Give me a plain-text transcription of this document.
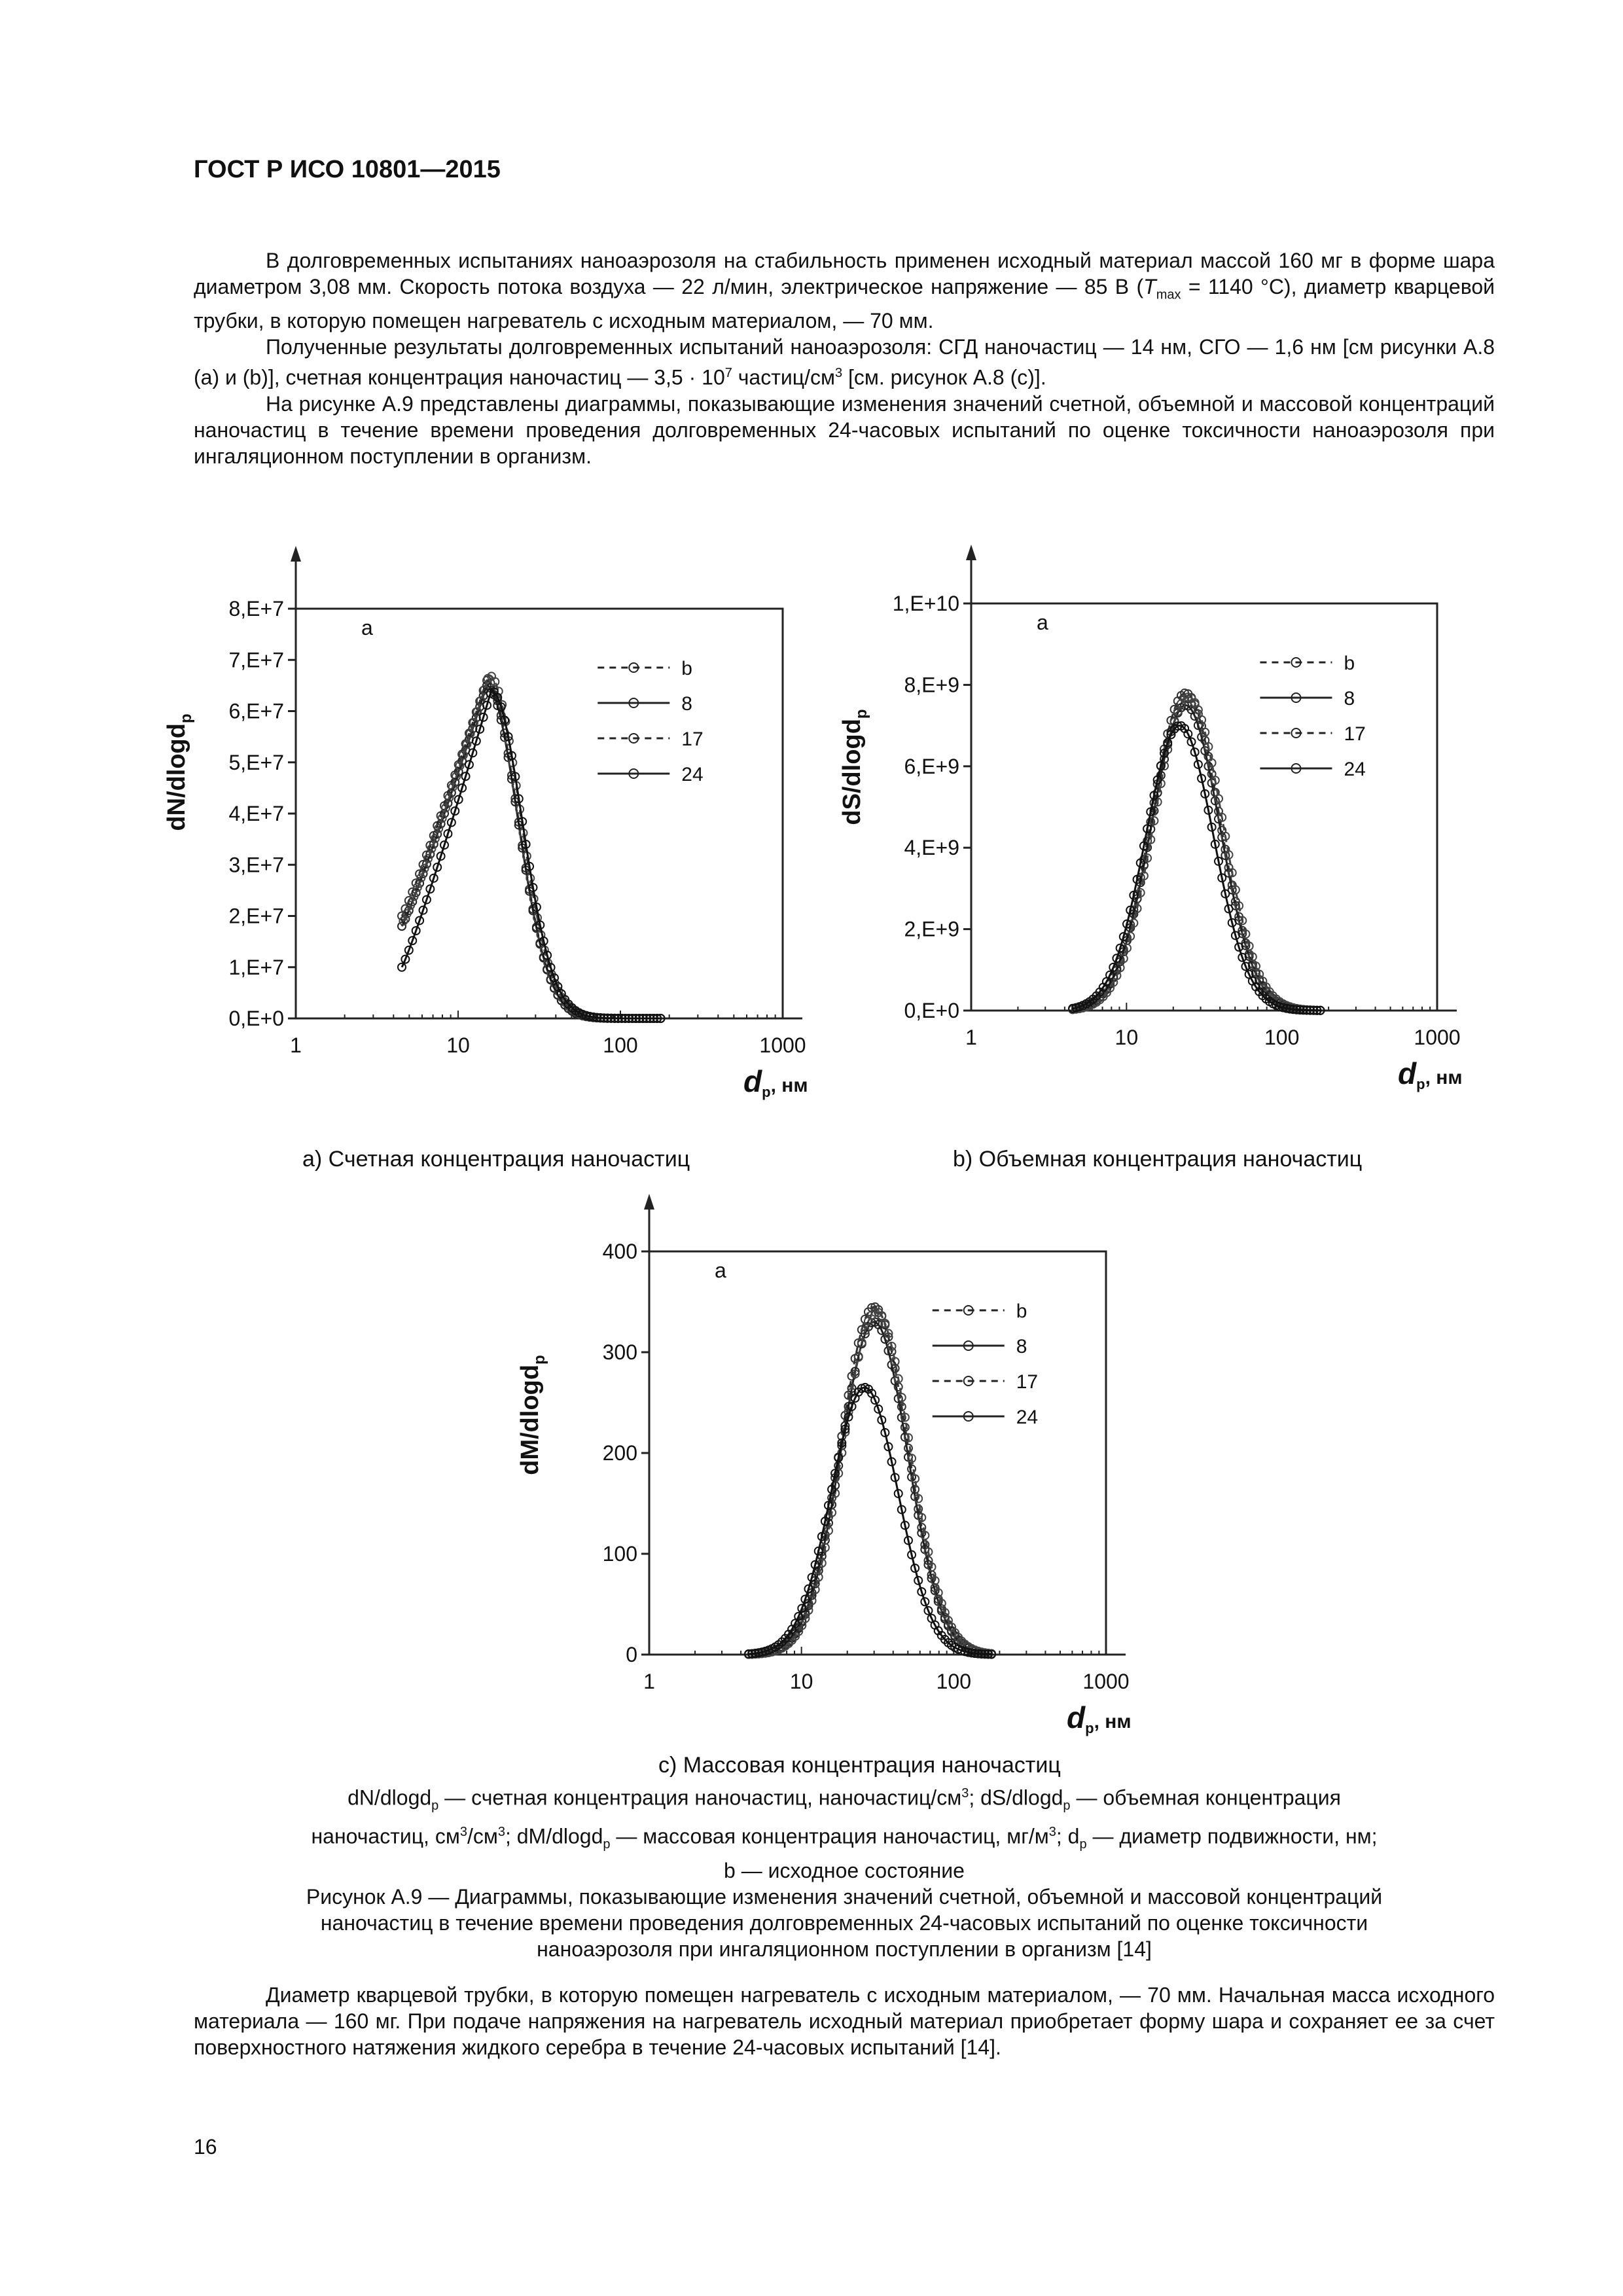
ГОСТ Р ИСО 10801—2015

В долговременных испытаниях наноаэрозоля на стабильность применен исходный материал массой 160 мг в форме шара диаметром 3,08 мм. Скорость потока воздуха — 22 л/мин, электрическое напряжение — 85 В ($T_{max} = 1140$ °С), диаметр кварцевой трубки, в которую помещен нагреватель с исходным материалом, — 70 мм.

Полученные результаты долговременных испытаний наноаэрозоля: СГД наночастиц — 14 нм, СГО — 1,6 нм [см рисунки А.8 (а) и (b)], счетная концентрация наночастиц — $3,5 \cdot 10^7$ частиц/$см^3$ [см. рисунок А.8 (с)].

На рисунке А.9 представлены диаграммы, показывающие изменения значений счетной, объемной и массовой концентраций наночастиц в течение времени проведения долговременных 24-часовых испытаний по оценке токсичности наноаэрозоля при ингаляционном поступлении в организм.

0,E+0
1,E+7
2,E+7
3,E+7
4,E+7
5,E+7
6,E+7
7,E+7
8,E+7
1	10	100	1000
a
dN/dlogd$_p$
$d_p^{, нм}$
b
8
17
24
0,E+0
2,E+9
4,E+9
6,E+9
8,E+9
1,E+10
1	10	100	1000
a
dS/dlogd$_p$
$d_p^{, нм}$
b
8
17
24
0
100
200
300
400
1	10	100	1000
a
dM/dlogd$_p$
$d_p^{, нм}$
b
8
17
24
а) Счетная концентрация наночастиц	b) Объемная концентрация наночастиц
с) Массовая концентрация наночастиц
dN/dlogd$_р$ — счетная концентрация наночастиц, наночастиц/$см^3$; dS/dlogd$_р$ — объемная концентрация
наночастиц, $см^3/см^3$; dM/dlogd$_р$ — массовая концентрация наночастиц, $мг/м^3$; $d_р$ — диаметр подвижности, нм;
b — исходное состояние
Рисунок А.9 — Диаграммы, показывающие изменения значений счетной, объемной и массовой концентраций
наночастиц в течение времени проведения долговременных 24-часовых испытаний по оценке токсичности
наноаэрозоля при ингаляционном поступлении в организм [14]

Диаметр кварцевой трубки, в которую помещен нагреватель с исходным материалом, — 70 мм. Начальная масса исходного материала — 160 мг. При подаче напряжения на нагреватель исходный материал приобретает форму шара и сохраняет ее за счет поверхностного натяжения жидкого серебра в течение 24-часовых испытаний [14].

16
